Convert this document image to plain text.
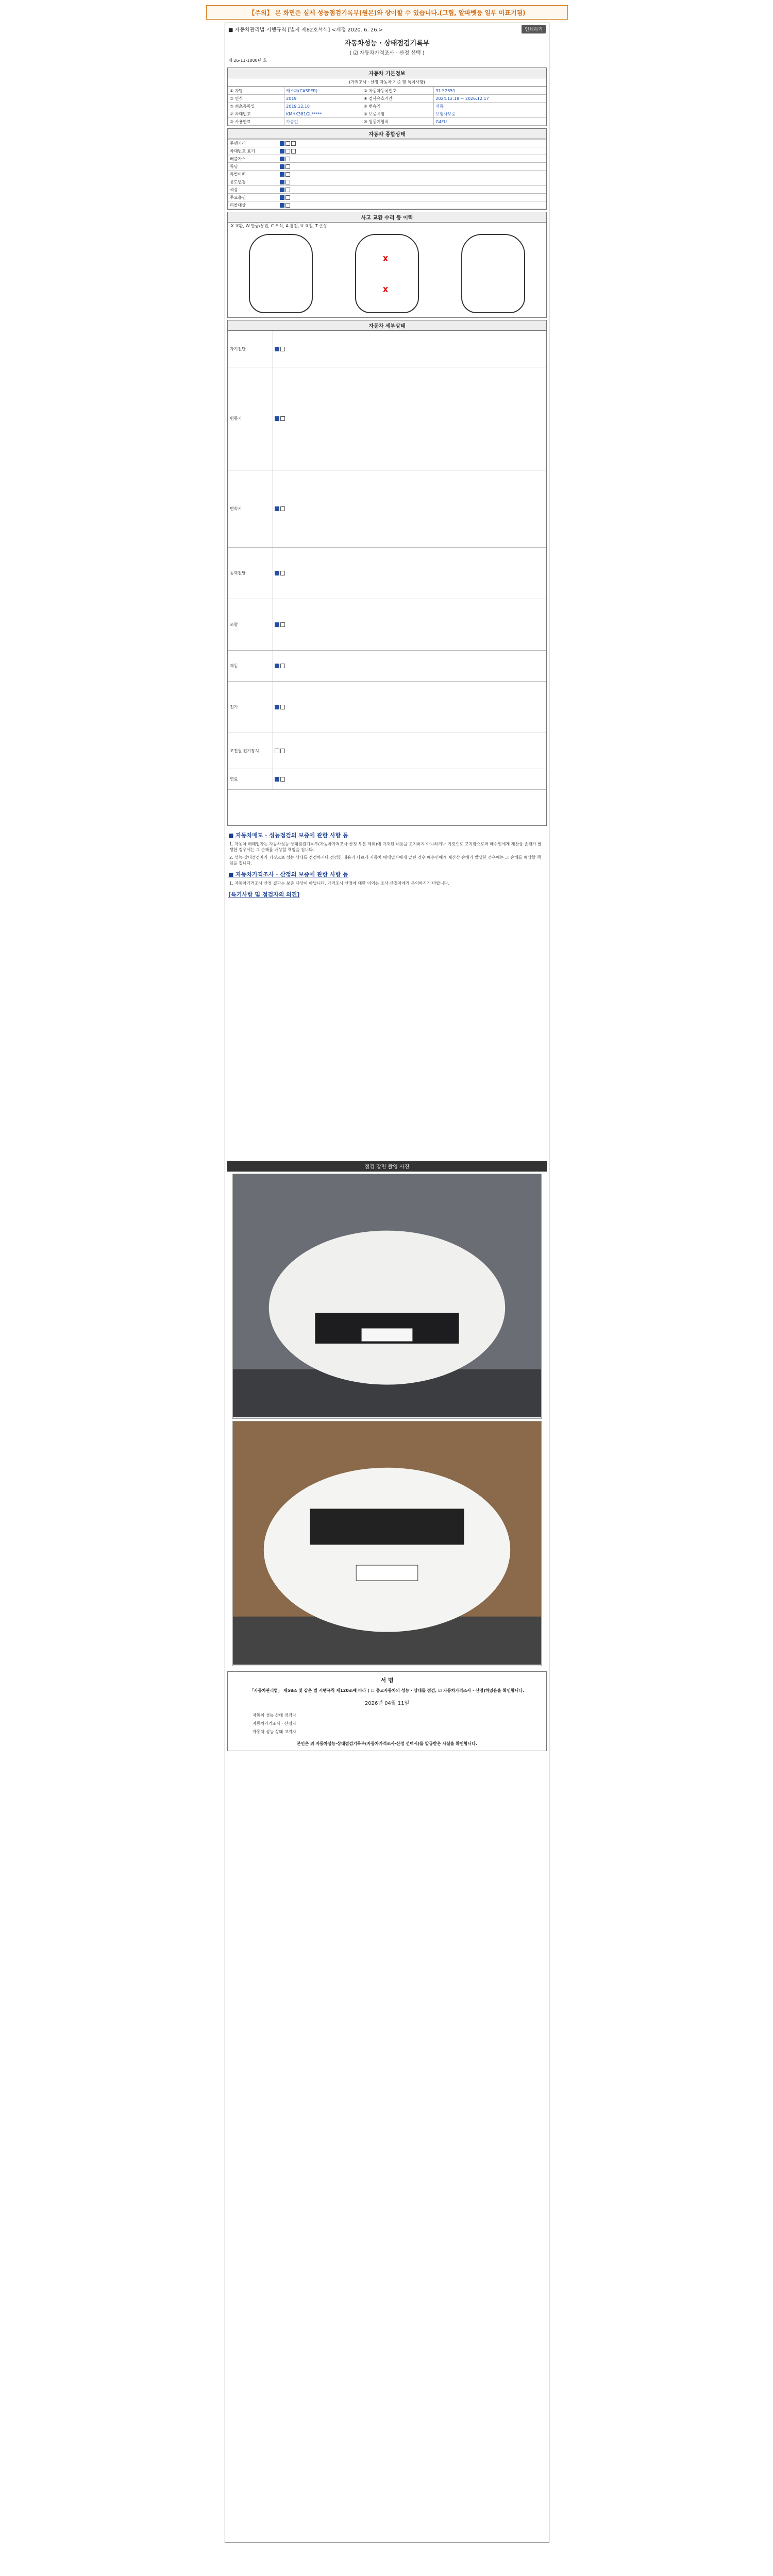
【주의】 본 화면은 실제 성능점검기록부(원본)와 상이할 수 있습니다.(그림, 알파벳등 일부 미표기됨)
■ 자동차관리법 시행규칙 [별지 제82호서식] <개정 2020. 6. 26.>	인쇄하기
자동차성능 · 상태점검기록부
( ☑ 자동차가격조사 · 산정 선택 )
제 26-11-1000년 호
자동차 기본정보
(가격조사 · 산정 자동차 기준 및 특이사항)
① 차명	캐스퍼(CASPER)	② 자동차등록번호	31오2551
③ 연식	2019	④ 검사유효기간	2024.12.18 ~ 2026.12.17
⑤ 최초등록일	2019.12.18	⑥ 변속기	자동
⑦ 차대번호	KMHK381GL*****	⑧ 보증유형	보험사보증
⑨ 사용연료	가솔린	⑩ 원동기형식	G4FU
자동차 종합상태
주행거리	
차대번호 표기	
배출가스	
튜닝	
특별이력	
용도변경	
색상	
주요옵션	
리콜대상	
사고 교환 수리 등 이력
X 교환, W 판금/용접, C 부식, A 흠집, U 요철, T 손상
X
X
자동차 세부상태
자기진단	
원동기	
변속기	
동력전달	
조향	
제동	
전기	
고전원 전기장치	
연료	
■ 자동차매도 · 성능점검의 보증에 관한 사항 등
1. 자동차 매매업자는 자동차성능·상태점검기록부(자동차가격조사·산정 부분 제외)에 기재된 내용을 고지하지 아니하거나 거짓으로 고지함으로써 매수인에게 재산상 손해가 발생한 경우에는 그 손해를 배상할 책임을 집니다.
2. 성능·상태점검자가 거짓으로 성능·상태를 점검하거나 점검한 내용과 다르게 자동차 매매업자에게 알린 경우 매수인에게 재산상 손해가 발생한 경우에는 그 손해를 배상할 책임을 집니다.
■ 자동차가격조사 · 산정의 보증에 관한 사항 등
1. 자동차가격조사·산정 결과는 보증 대상이 아닙니다. 가격조사·산정에 대한 이의는 조사·산정자에게 문의하시기 바랍니다.
[특기사항 및 점검자의 의견]
점검 장면 촬영 사진
서 명
「자동차관리법」 제58조 및 같은 법 시행규칙 제120조에 따라 ( ☐ 중고자동차의 성능 · 상태를 점검, ☑ 자동차가격조사 · 산정)하였음을 확인합니다.
2026년 04월 11일
자동차 성능 상태 점검자
자동차가격조사 · 산정자
자동차 성능 상태 고지자
본인은 위 자동차성능·상태점검기록부(자동차가격조사·산정 선택시)를 발급받은 사실을 확인합니다.
